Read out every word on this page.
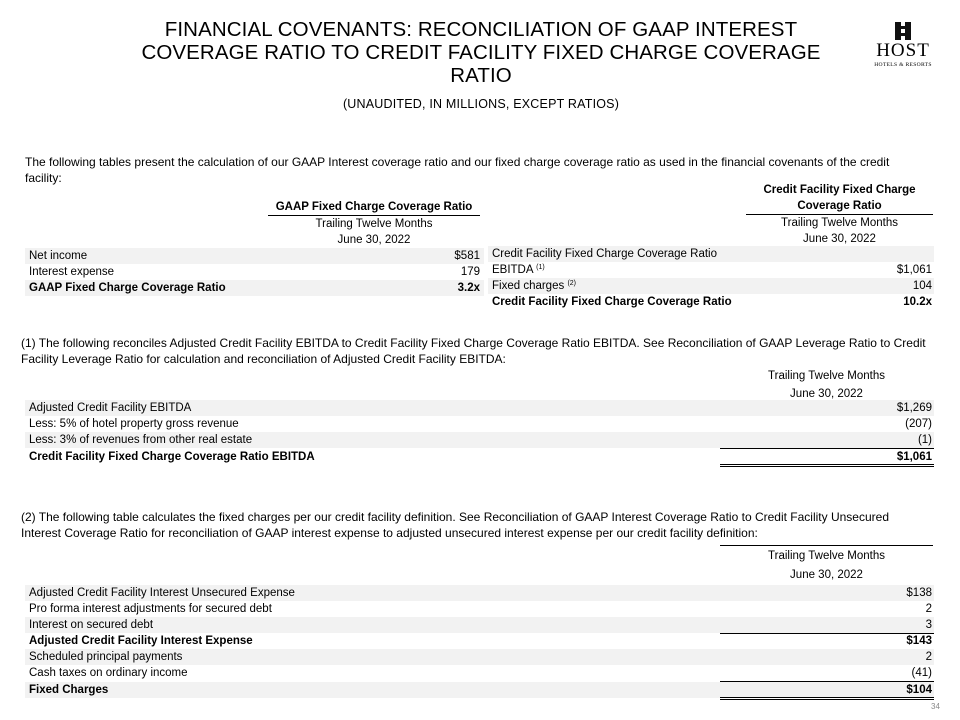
FINANCIAL COVENANTS: RECONCILIATION OF GAAP INTEREST COVERAGE RATIO TO CREDIT FACILITY FIXED CHARGE COVERAGE RATIO
(UNAUDITED, IN MILLIONS, EXCEPT RATIOS)
HOST
HOTELS & RESORTS
The following tables present the calculation of our GAAP Interest coverage ratio and our fixed charge coverage ratio as used in the financial covenants of the credit facility:
GAAP Fixed Charge Coverage Ratio
Trailing Twelve Months
June 30, 2022
Net income	$581
Interest expense	179
GAAP Fixed Charge Coverage Ratio	3.2x
Credit Facility Fixed Charge
Coverage Ratio
Trailing Twelve Months
June 30, 2022
Credit Facility Fixed Charge Coverage Ratio
EBITDA $^{(1)}$	$1,061
Fixed charges $^{(2)}$	104
Credit Facility Fixed Charge Coverage Ratio	10.2x
(1) The following reconciles Adjusted Credit Facility EBITDA to Credit Facility Fixed Charge Coverage Ratio EBITDA. See Reconciliation of GAAP Leverage Ratio to Credit Facility Leverage Ratio for calculation and reconciliation of Adjusted Credit Facility EBITDA:
Trailing Twelve Months
June 30, 2022
Adjusted Credit Facility EBITDA	$1,269
Less: 5% of hotel property gross revenue	(207)
Less: 3% of revenues from other real estate	(1)
Credit Facility Fixed Charge Coverage Ratio EBITDA	$1,061
(2) The following table calculates the fixed charges per our credit facility definition. See Reconciliation of GAAP Interest Coverage Ratio to Credit Facility Unsecured Interest Coverage Ratio for reconciliation of GAAP interest expense to adjusted unsecured interest expense per our credit facility definition:
Trailing Twelve Months
June 30, 2022
Adjusted Credit Facility Interest Unsecured Expense	$138
Pro forma interest adjustments for secured debt	2
Interest on secured debt	3
Adjusted Credit Facility Interest Expense	$143
Scheduled principal payments	2
Cash taxes on ordinary income	(41)
Fixed Charges	$104
34
